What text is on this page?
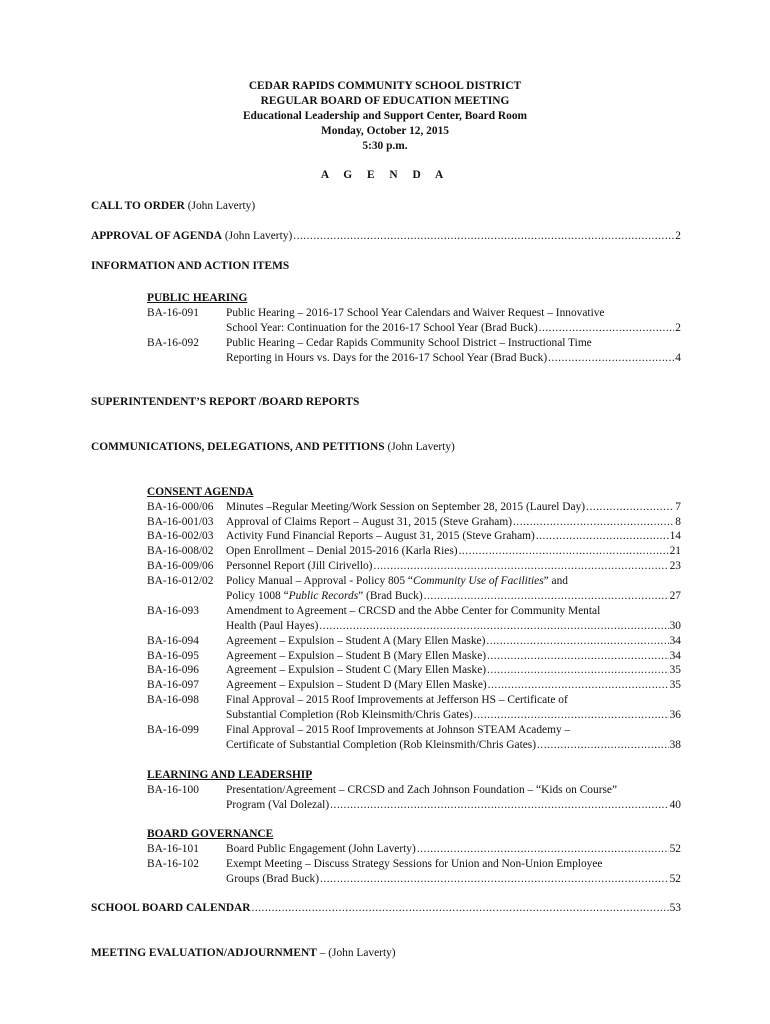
CEDAR RAPIDS COMMUNITY SCHOOL DISTRICT
REGULAR BOARD OF EDUCATION MEETING
Educational Leadership and Support Center, Board Room
Monday, October 12, 2015
5:30 p.m.
A G E N D A
CALL TO ORDER (John Laverty)
APPROVAL OF AGENDA (John Laverty) .....	2
INFORMATION AND ACTION ITEMS
PUBLIC HEARING
BA-16-091 Public Hearing – 2016-17 School Year Calendars and Waiver Request – Innovative
School Year: Continuation for the 2016-17 School Year (Brad Buck) .....	2
BA-16-092 Public Hearing – Cedar Rapids Community School District – Instructional Time
Reporting in Hours vs. Days for the 2016-17 School Year (Brad Buck) .....	4
SUPERINTENDENT’S REPORT /BOARD REPORTS
COMMUNICATIONS, DELEGATIONS, AND PETITIONS (John Laverty)
CONSENT AGENDA
BA-16-000/06 Minutes –Regular Meeting/Work Session on September 28, 2015 (Laurel Day) .....	7
BA-16-001/03 Approval of Claims Report – August 31, 2015 (Steve Graham) .....	8
BA-16-002/03 Activity Fund Financial Reports – August 31, 2015 (Steve Graham) .....	14
BA-16-008/02 Open Enrollment – Denial 2015-2016 (Karla Ries) .....	21
BA-16-009/06 Personnel Report (Jill Cirivello) .....	23
BA-16-012/02 Policy Manual – Approval - Policy 805 “Community Use of Facilities” and
Policy 1008 “Public Records” (Brad Buck) .....	27
BA-16-093 Amendment to Agreement – CRCSD and the Abbe Center for Community Mental
Health (Paul Hayes) .....	30
BA-16-094 Agreement – Expulsion – Student A (Mary Ellen Maske) .....	34
BA-16-095 Agreement – Expulsion – Student B (Mary Ellen Maske) .....	34
BA-16-096 Agreement – Expulsion – Student C (Mary Ellen Maske) .....	35
BA-16-097 Agreement – Expulsion – Student D (Mary Ellen Maske) .....	35
BA-16-098 Final Approval – 2015 Roof Improvements at Jefferson HS – Certificate of
Substantial Completion (Rob Kleinsmith/Chris Gates) .....	36
BA-16-099 Final Approval – 2015 Roof Improvements at Johnson STEAM Academy –
Certificate of Substantial Completion (Rob Kleinsmith/Chris Gates) .....	38
LEARNING AND LEADERSHIP
BA-16-100 Presentation/Agreement – CRCSD and Zach Johnson Foundation – “Kids on Course”
Program (Val Dolezal) .....	40
BOARD GOVERNANCE
BA-16-101 Board Public Engagement (John Laverty) .....	52
BA-16-102 Exempt Meeting – Discuss Strategy Sessions for Union and Non-Union Employee
Groups (Brad Buck) .....	52
SCHOOL BOARD CALENDAR .....	53
MEETING EVALUATION/ADJOURNMENT – (John Laverty)
